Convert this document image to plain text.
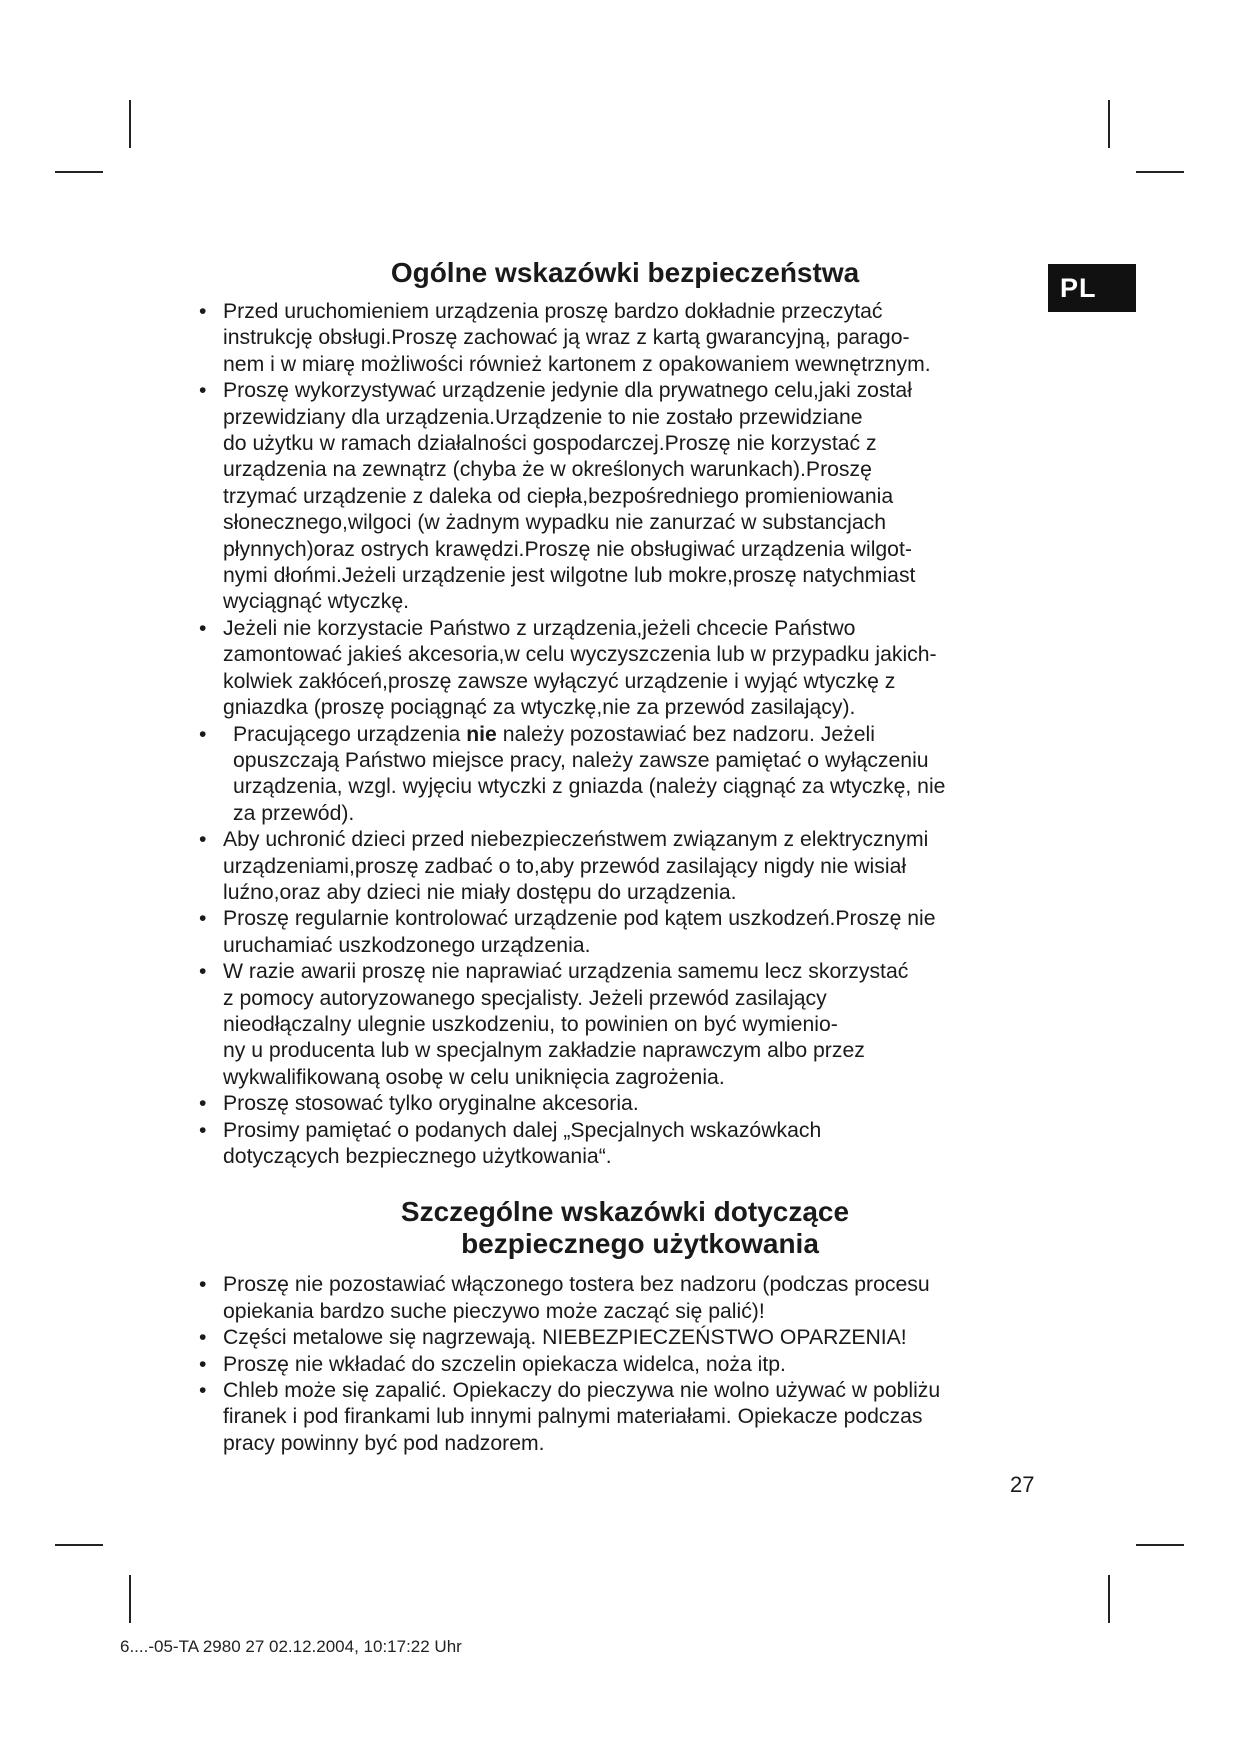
PL
Ogólne wskazówki bezpieczeństwa
• Przed uruchomieniem urządzenia proszę bardzo dokładnie przeczytać
instrukcję obsługi.Proszę zachować ją wraz z kartą gwarancyjną, parago-
nem i w miarę możliwości również kartonem z opakowaniem wewnętrznym.
• Proszę wykorzystywać urządzenie jedynie dla prywatnego celu,jaki został
przewidziany dla urządzenia.Urządzenie to nie zostało przewidziane
do użytku w ramach działalności gospodarczej.Proszę nie korzystać z
urządzenia na zewnątrz (chyba że w określonych warunkach).Proszę
trzymać urządzenie z daleka od ciepła,bezpośredniego promieniowania
słonecznego,wilgoci (w żadnym wypadku nie zanurzać w substancjach
płynnych)oraz ostrych krawędzi.Proszę nie obsługiwać urządzenia wilgot-
nymi dłońmi.Jeżeli urządzenie jest wilgotne lub mokre,proszę natychmiast
wyciągnąć wtyczkę.
• Jeżeli nie korzystacie Państwo z urządzenia,jeżeli chcecie Państwo
zamontować jakieś akcesoria,w celu wyczyszczenia lub w przypadku jakich-
kolwiek zakłóceń,proszę zawsze wyłączyć urządzenie i wyjąć wtyczkę z
gniazdka (proszę pociągnąć za wtyczkę,nie za przewód zasilający).
•	Pracującego urządzenia nie należy pozostawiać bez nadzoru. Jeżeli
opuszczają Państwo miejsce pracy, należy zawsze pamiętać o wyłączeniu
urządzenia, wzgl. wyjęciu wtyczki z gniazda (należy ciągnąć za wtyczkę, nie
za przewód).
• Aby uchronić dzieci przed niebezpieczeństwem związanym z elektrycznymi
urządzeniami,proszę zadbać o to,aby przewód zasilający nigdy nie wisiał
luźno,oraz aby dzieci nie miały dostępu do urządzenia.
• Proszę regularnie kontrolować urządzenie pod kątem uszkodzeń.Proszę nie
uruchamiać uszkodzonego urządzenia.
• W razie awarii proszę nie naprawiać urządzenia samemu lecz skorzystać
z pomocy autoryzowanego specjalisty. Jeżeli przewód zasilający
nieodłączalny ulegnie uszkodzeniu, to powinien on być wymienio-
ny u producenta lub w specjalnym zakładzie naprawczym albo przez
wykwalifikowaną osobę w celu uniknięcia zagrożenia.
• Proszę stosować tylko oryginalne akcesoria.
• Prosimy pamiętać o podanych dalej „Specjalnych wskazówkach
dotyczących bezpiecznego użytkowania“.
Szczególne wskazówki dotyczące
bezpiecznego użytkowania
• Proszę nie pozostawiać włączonego tostera bez nadzoru (podczas procesu
opiekania bardzo suche pieczywo może zacząć się palić)!
• Części metalowe się nagrzewają. NIEBEZPIECZEŃSTWO OPARZENIA!
• Proszę nie wkładać do szczelin opiekacza widelca, noża itp.
• Chleb może się zapalić. Opiekaczy do pieczywa nie wolno używać w pobliżu
firanek i pod firankami lub innymi palnymi materiałami. Opiekacze podczas
pracy powinny być pod nadzorem.
27
6....-05-TA 2980 27 02.12.2004, 10:17:22 Uhr
